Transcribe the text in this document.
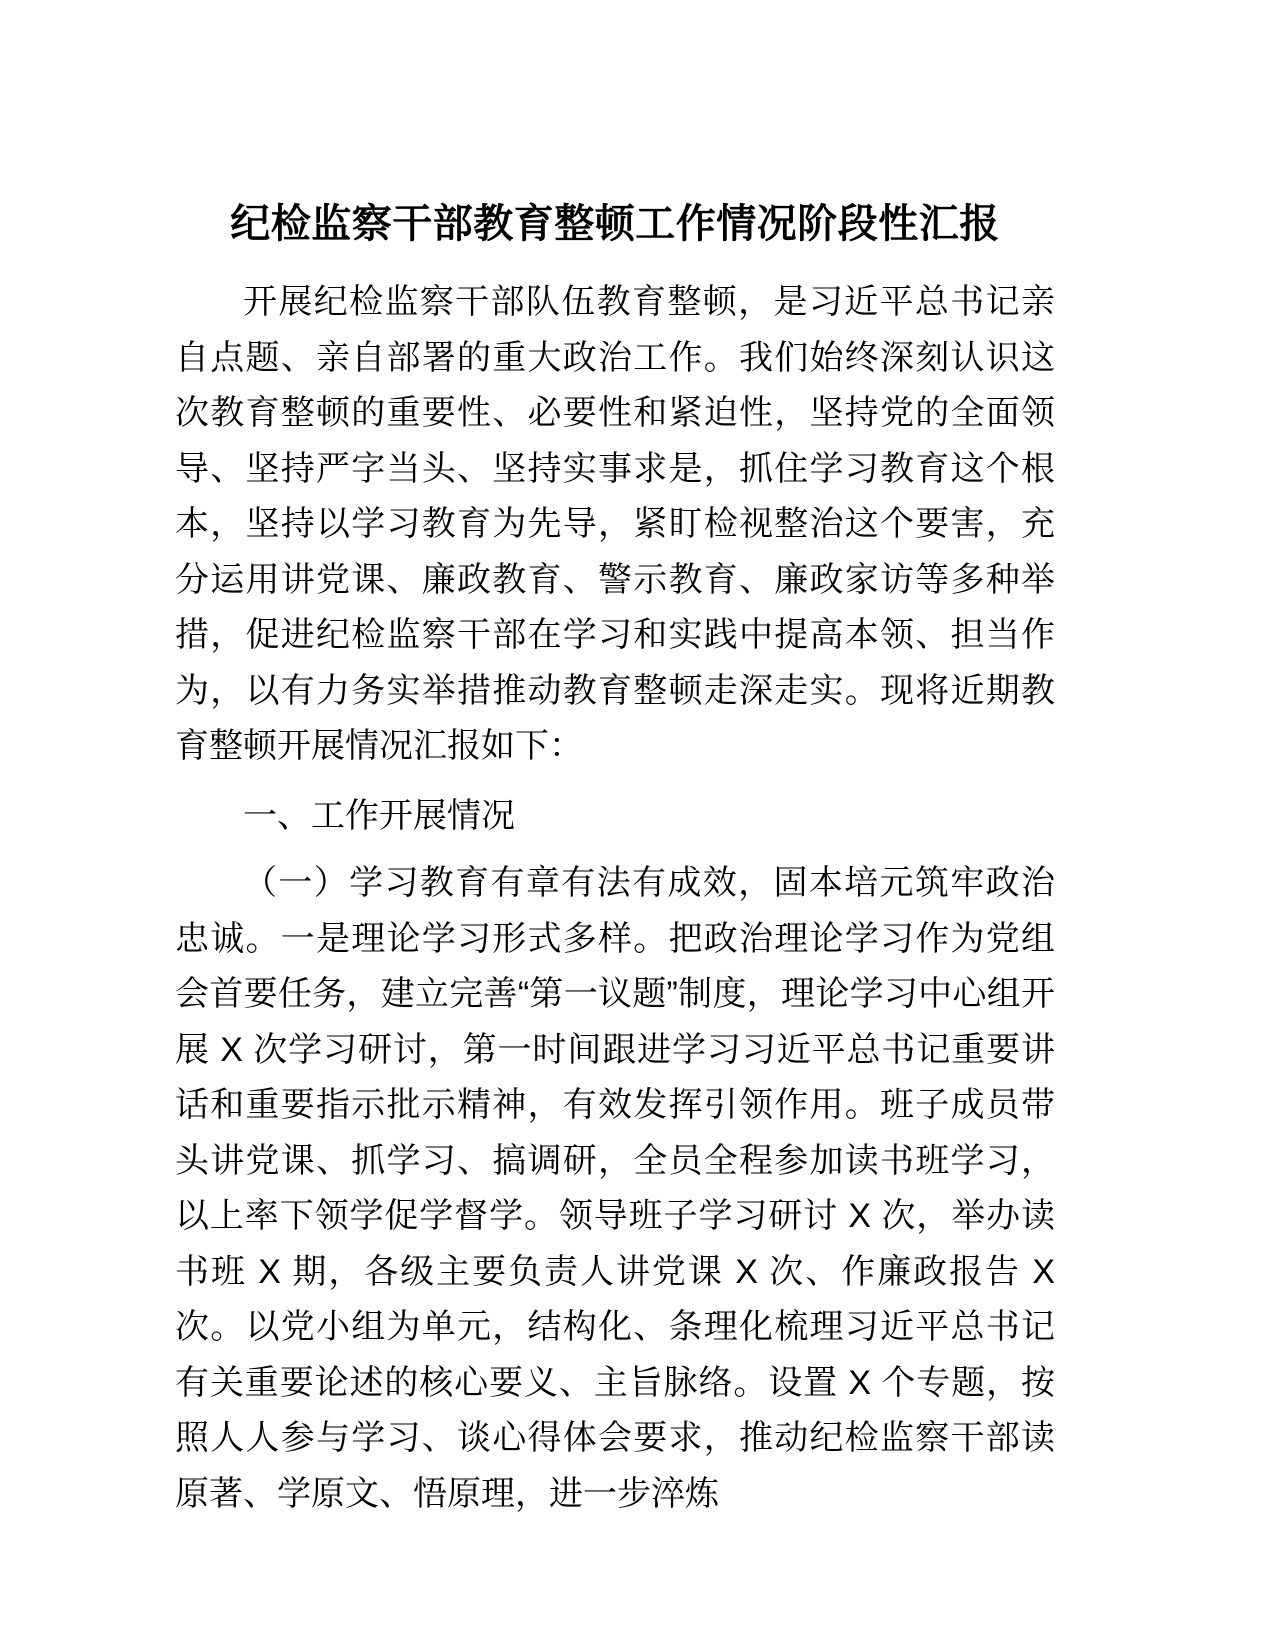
纪检监察干部教育整顿工作情况阶段性汇报

开展纪检监察干部队伍教育整顿，是习近平总书记亲自点题、亲自部署的重大政治工作。我们始终深刻认识这次教育整顿的重要性、必要性和紧迫性，坚持党的全面领导、坚持严字当头、坚持实事求是，抓住学习教育这个根本，坚持以学习教育为先导，紧盯检视整治这个要害，充分运用讲党课、廉政教育、警示教育、廉政家访等多种举措，促进纪检监察干部在学习和实践中提高本领、担当作为，以有力务实举措推动教育整顿走深走实。现将近期教育整顿开展情况汇报如下：

一、工作开展情况

（一）学习教育有章有法有成效，固本培元筑牢政治忠诚。一是理论学习形式多样。把政治理论学习作为党组会首要任务，建立完善“第一议题”制度，理论学习中心组开展 X 次学习研讨，第一时间跟进学习习近平总书记重要讲话和重要指示批示精神，有效发挥引领作用。班子成员带头讲党课、抓学习、搞调研，全员全程参加读书班学习，以上率下领学促学督学。领导班子学习研讨 X 次，举办读书班 X 期，各级主要负责人讲党课 X 次、作廉政报告 X 次。以党小组为单元，结构化、条理化梳理习近平总书记有关重要论述的核心要义、主旨脉络。设置 X 个专题，按照人人参与学习、谈心得体会要求，推动纪检监察干部读原著、学原文、悟原理，进一步淬炼
